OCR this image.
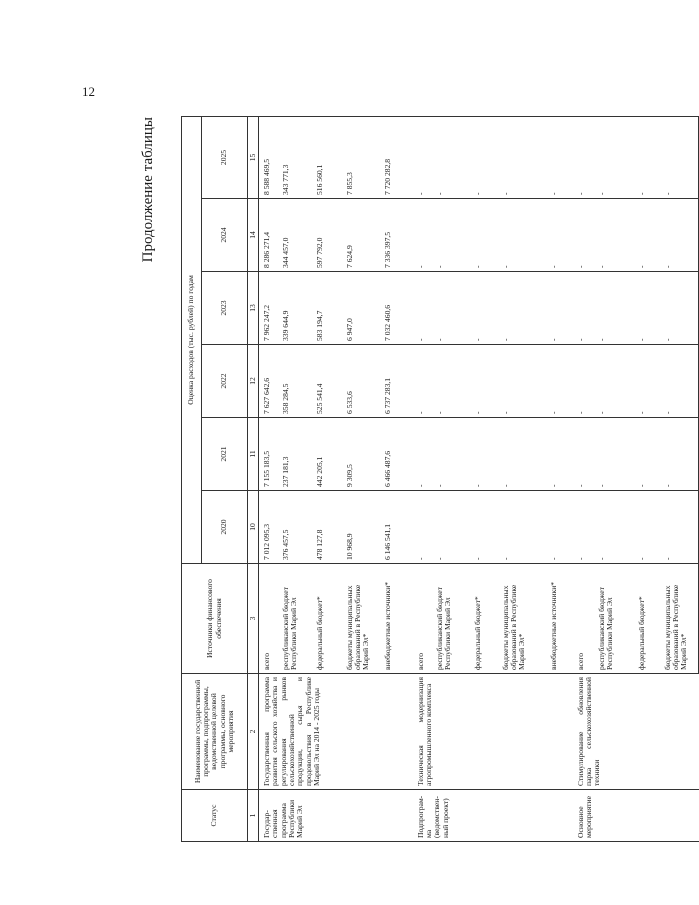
12
Продолжение таблицы
Статус	Наименование государственной программы, подпрограммы, ведомственной целевой программы, основного мероприятия	Источники финансового обеспечения	Оценка расходов (тыс. рублей) по годам					
			2020	2021	2022	2023	2024	2025
1	2	3	10	11	12	13	14	15
Государ-ственная программа Республики Марий Эл	Государственная программа развития сельского хозяйства и регулирования рынков сельскохозяйственной продукции, сырья и продовольствия в Республике Марий Эл на 2014 - 2025 годы	всего	7 012 095,3	7 155 183,5	7 627 642,6	7 962 247,2	8 286 271,4	8 588 469,5
		республиканский бюджет Республики Марий Эл	376 457,5	237 181,3	358 284,5	339 644,9	344 457,0	343 771,3
		федеральный бюджет*	478 127,8	442 205,1	525 541,4	583 194,7	597 792,0	516 560,1
		бюджеты муниципальных образований в Республике Марий Эл*	10 968,9	9 309,5	6 533,6	6 947,0	7 624,9	7 855,3
		внебюджетные источники*	6 146 541,1	6 466 487,6	6 737 283,1	7 032 460,6	7 336 397,5	7 720 282,8
Подпрограм-ма (ведомствен-ный проект)	Техническая модернизация агропромышленного комплекса	всего	-	-	-	-	-	-
		республиканский бюджет Республики Марий Эл	-	-	-	-	-	-
		федеральный бюджет*	-	-	-	-	-	-
		бюджеты муниципальных образований в Республике Марий Эл*	-	-	-	-	-	-
		внебюджетные источники*	-	-	-	-	-	-
Основное мероприятие	Стимулирование обновления парка сельскохозяйственной техники	всего	-	-	-	-	-	-
		республиканский бюджет Республики Марий Эл	-	-	-	-	-	-
		федеральный бюджет*	-	-	-	-	-	-
		бюджеты муниципальных образований в Республике Марий Эл*	-	-	-	-	-	-
